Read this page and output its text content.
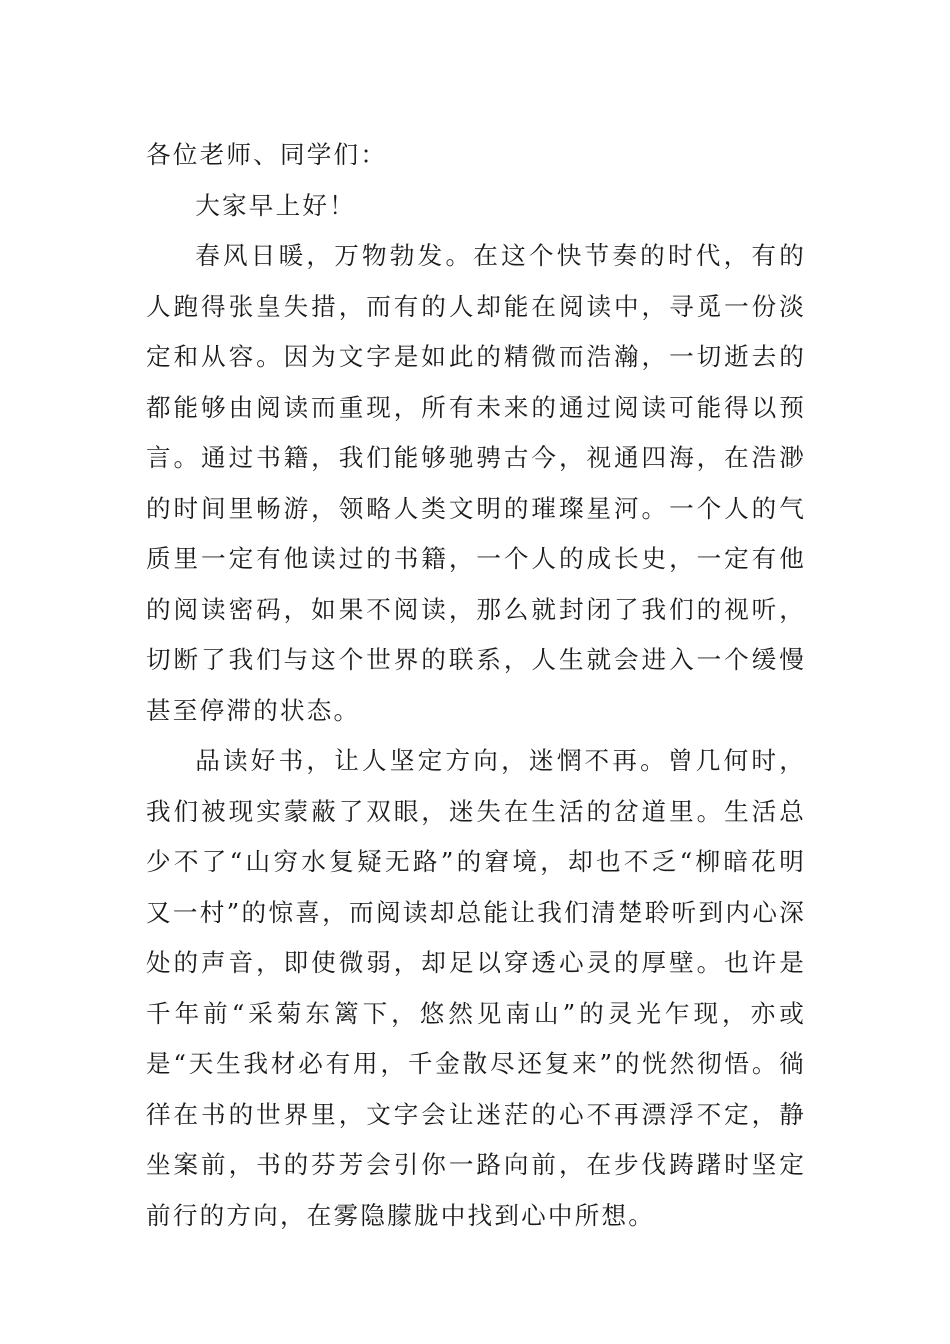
各位老师、同学们：

大家早上好！

春风日暖，万物勃发。在这个快节奏的时代，有的人跑得张皇失措，而有的人却能在阅读中，寻觅一份淡定和从容。因为文字是如此的精微而浩瀚，一切逝去的都能够由阅读而重现，所有未来的通过阅读可能得以预言。通过书籍，我们能够驰骋古今，视通四海，在浩渺的时间里畅游，领略人类文明的璀璨星河。一个人的气质里一定有他读过的书籍，一个人的成长史，一定有他的阅读密码，如果不阅读，那么就封闭了我们的视听，切断了我们与这个世界的联系，人生就会进入一个缓慢甚至停滞的状态。

品读好书，让人坚定方向，迷惘不再。曾几何时，我们被现实蒙蔽了双眼，迷失在生活的岔道里。生活总少不了“山穷水复疑无路”的窘境，却也不乏“柳暗花明又一村”的惊喜，而阅读却总能让我们清楚聆听到内心深处的声音，即使微弱，却足以穿透心灵的厚壁。也许是千年前“采菊东篱下，悠然见南山”的灵光乍现，亦或是“天生我材必有用，千金散尽还复来”的恍然彻悟。徜徉在书的世界里，文字会让迷茫的心不再漂浮不定，静坐案前，书的芬芳会引你一路向前，在步伐踌躇时坚定前行的方向，在雾隐朦胧中找到心中所想。
